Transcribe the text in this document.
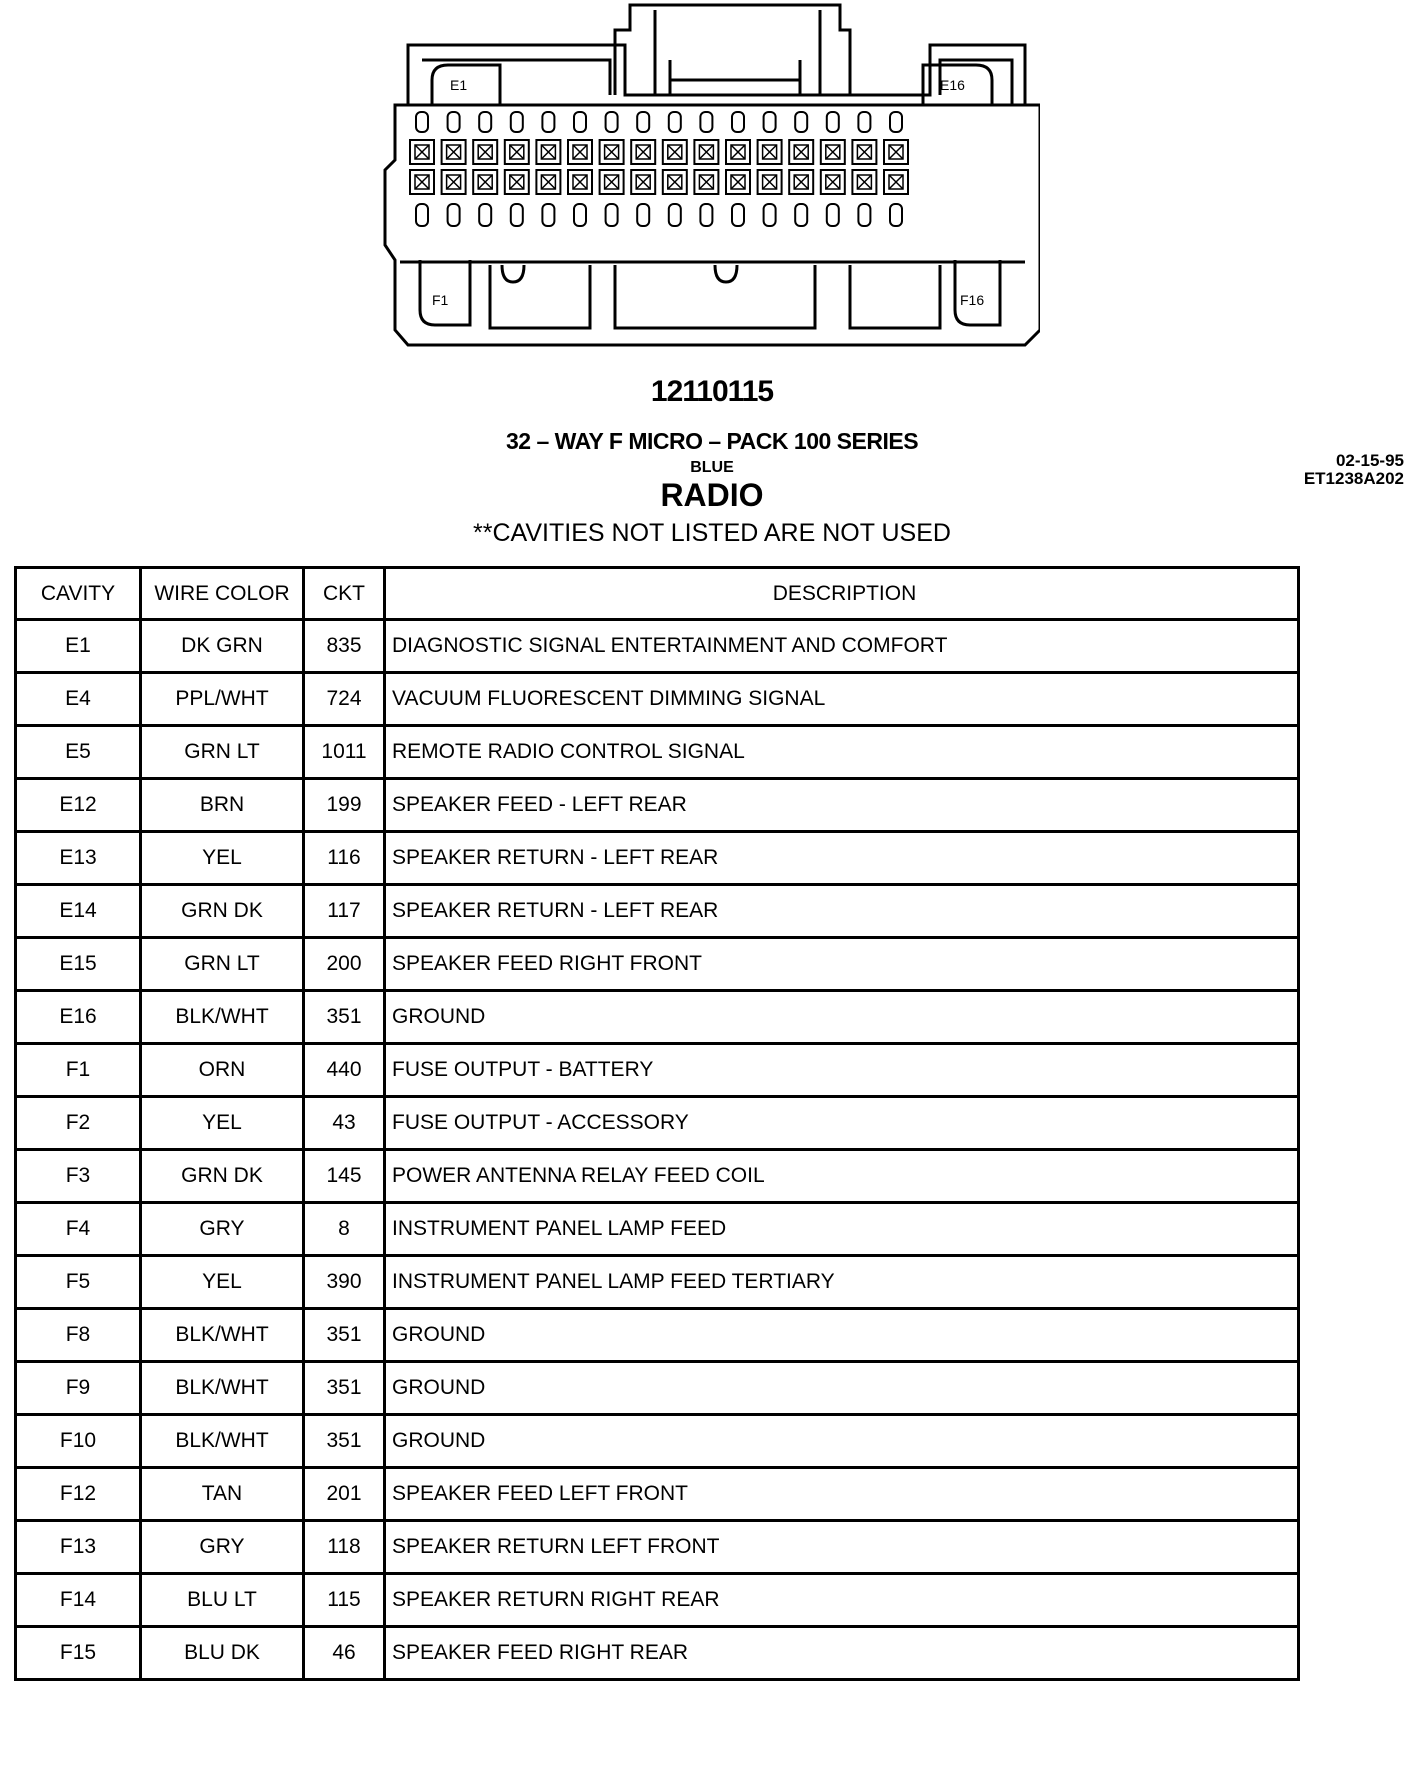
E1	E16
F1	F16
12110115
32 – WAY F MICRO – PACK 100 SERIES
BLUE
RADIO
**CAVITIES NOT LISTED ARE NOT USED
02-15-95
ET1238A202
CAVITY	WIRE COLOR	CKT	DESCRIPTION
E1	DK GRN	835	DIAGNOSTIC SIGNAL ENTERTAINMENT AND COMFORT
E4	PPL/WHT	724	VACUUM FLUORESCENT DIMMING SIGNAL
E5	GRN LT	1011	REMOTE RADIO CONTROL SIGNAL
E12	BRN	199	SPEAKER FEED - LEFT REAR
E13	YEL	116	SPEAKER RETURN - LEFT REAR
E14	GRN DK	117	SPEAKER RETURN - LEFT REAR
E15	GRN LT	200	SPEAKER FEED RIGHT FRONT
E16	BLK/WHT	351	GROUND
F1	ORN	440	FUSE OUTPUT - BATTERY
F2	YEL	43	FUSE OUTPUT - ACCESSORY
F3	GRN DK	145	POWER ANTENNA RELAY FEED COIL
F4	GRY	8	INSTRUMENT PANEL LAMP FEED
F5	YEL	390	INSTRUMENT PANEL LAMP FEED TERTIARY
F8	BLK/WHT	351	GROUND
F9	BLK/WHT	351	GROUND
F10	BLK/WHT	351	GROUND
F12	TAN	201	SPEAKER FEED LEFT FRONT
F13	GRY	118	SPEAKER RETURN LEFT FRONT
F14	BLU LT	115	SPEAKER RETURN RIGHT REAR
F15	BLU DK	46	SPEAKER FEED RIGHT REAR
